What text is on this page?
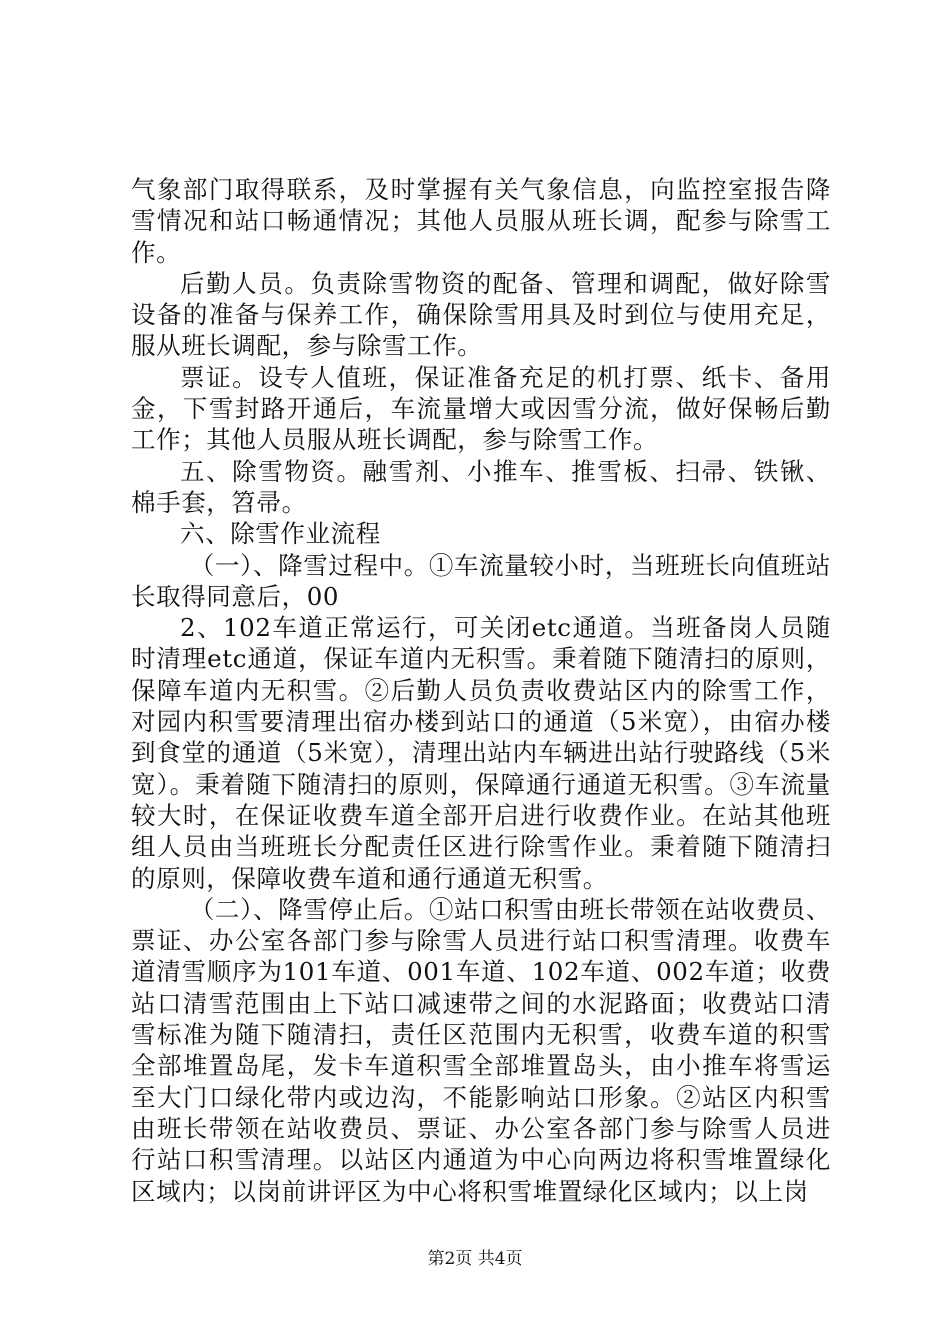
气象部门取得联系，及时掌握有关气象信息，向监控室报告降雪情况和站口畅通情况；其他人员服从班长调，配参与除雪工作。

后勤人员。负责除雪物资的配备、管理和调配，做好除雪设备的准备与保养工作，确保除雪用具及时到位与使用充足，服从班长调配，参与除雪工作。

票证。设专人值班，保证准备充足的机打票、纸卡、备用金，下雪封路开通后，车流量增大或因雪分流，做好保畅后勤工作；其他人员服从班长调配，参与除雪工作。

五、除雪物资。融雪剂、小推车、推雪板、扫帚、铁锹、棉手套，笤帚。

六、除雪作业流程

（一）、降雪过程中。①车流量较小时，当班班长向值班站长取得同意后，00

2、102车道正常运行，可关闭etc通道。当班备岗人员随时清理etc通道，保证车道内无积雪。秉着随下随清扫的原则，保障车道内无积雪。②后勤人员负责收费站区内的除雪工作，对园内积雪要清理出宿办楼到站口的通道（5米宽），由宿办楼到食堂的通道（5米宽），清理出站内车辆进出站行驶路线（5米宽）。秉着随下随清扫的原则，保障通行通道无积雪。③车流量较大时，在保证收费车道全部开启进行收费作业。在站其他班组人员由当班班长分配责任区进行除雪作业。秉着随下随清扫的原则，保障收费车道和通行通道无积雪。

（二）、降雪停止后。①站口积雪由班长带领在站收费员、票证、办公室各部门参与除雪人员进行站口积雪清理。收费车道清雪顺序为101车道、001车道、102车道、002车道；收费站口清雪范围由上下站口减速带之间的水泥路面；收费站口清雪标准为随下随清扫，责任区范围内无积雪，收费车道的积雪全部堆置岛尾，发卡车道积雪全部堆置岛头，由小推车将雪运至大门口绿化带内或边沟，不能影响站口形象。②站区内积雪由班长带领在站收费员、票证、办公室各部门参与除雪人员进行站口积雪清理。以站区内通道为中心向两边将积雪堆置绿化区域内；以岗前讲评区为中心将积雪堆置绿化区域内；以上岗

第2页 共4页
